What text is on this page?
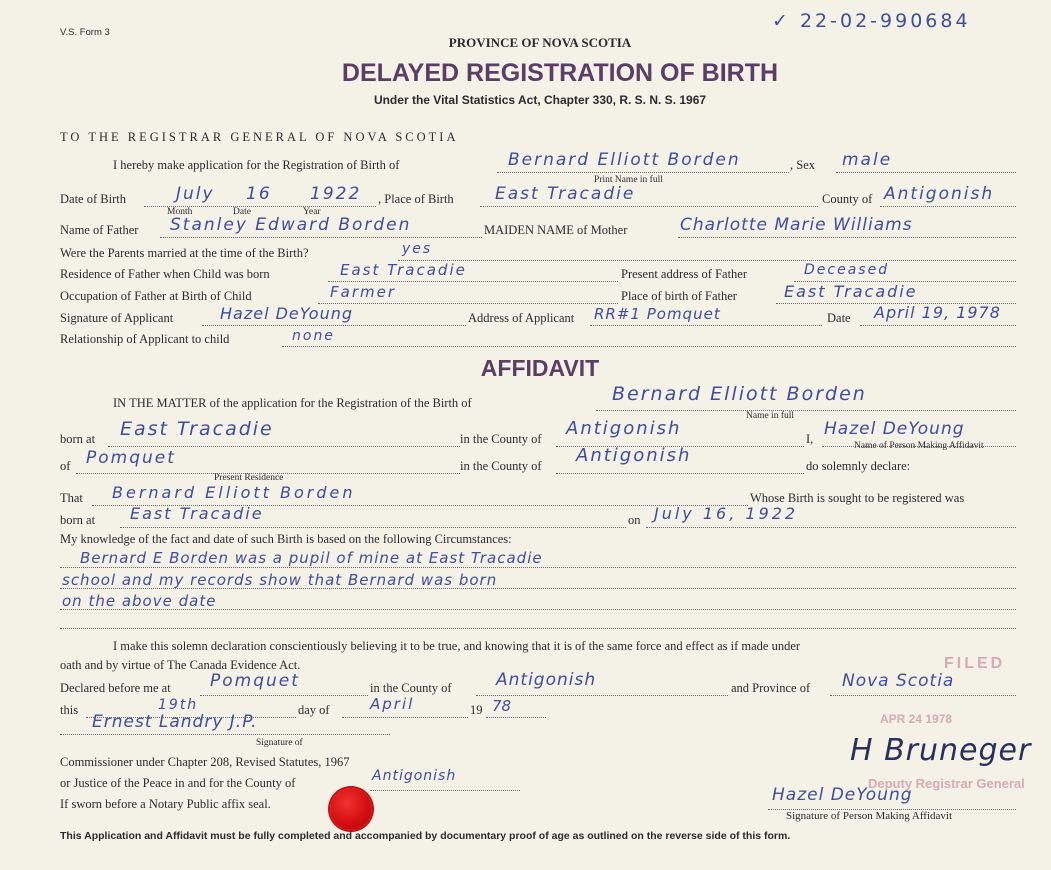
V.S. Form 3
✓ 22-02-990684
PROVINCE OF NOVA SCOTIA
DELAYED REGISTRATION OF BIRTH
Under the Vital Statistics Act, Chapter 330, R. S. N. S. 1967
TO THE REGISTRAR GENERAL OF NOVA SCOTIA
I hereby make application for the Registration of Birth of	Bernard Elliott Borden
Print Name in full
, Sex male
Date of Birth	July 16 1922
Month	Date	Year
, Place of Birth East Tracadie	County of Antigonish
Name of Father Stanley Edward Borden	MAIDEN NAME of Mother	Charlotte Marie Williams
Were the Parents married at the time of the Birth?	yes
Residence of Father when Child was born	East Tracadie	Present address of Father	Deceased
Occupation of Father at Birth of Child	Farmer	Place of birth of Father	East Tracadie
Signature of Applicant	Hazel DeYoung	Address of Applicant RR#1 Pomquet	Date April 19, 1978
Relationship of Applicant to child	none
AFFIDAVIT
IN THE MATTER of the application for the Registration of the Birth of	Bernard Elliott Borden
Name in full
born at East Tracadie	in the County of Antigonish	I, Hazel DeYoung
Name of Person Making Affidavit
of Pomquet
Present Residence
in the County of Antigonish	do solemnly declare:
That Bernard Elliott Borden	Whose Birth is sought to be registered was
born at East Tracadie	on July 16, 1922
My knowledge of the fact and date of such Birth is based on the following Circumstances:
Bernard E Borden was a pupil of mine at East Tracadie
school and my records show that Bernard was born
on the above date
I make this solemn declaration conscientiously believing it to be true, and knowing that it is of the same force and effect as if made under
oath and by virtue of The Canada Evidence Act.	FILED
APR 24 1978
Declared before me at Pomquet	in the County of	Antigonish	and Province of Nova Scotia
this	19th	day of	April	19 78
Ernest Landry J.P.
Signature of
Commissioner under Chapter 208, Revised Statutes, 1967
or Justice of the Peace in and for the County of	Antigonish
If sworn before a Notary Public affix seal.
H Bruneger
Deputy Registrar General
Hazel DeYoung
Signature of Person Making Affidavit
This Application and Affidavit must be fully completed and accompanied by documentary proof of age as outlined on the reverse side of this form.
